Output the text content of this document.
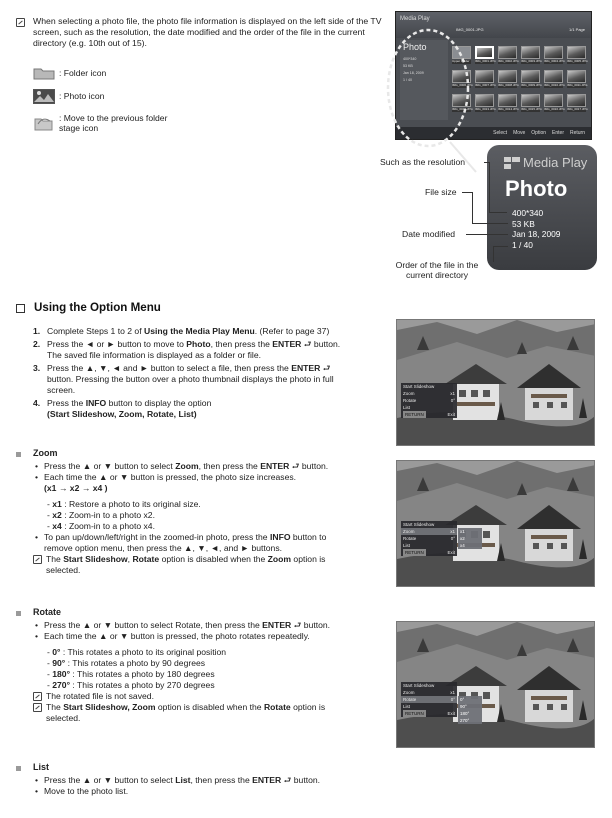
When selecting a photo file, the photo file information is displayed on the left side of the TV screen, such as the resolution, the date modified and the order of the file in the current directory (e.g. 10th out of 15).
: Folder icon
: Photo icon
: Move to the previous folder stage icon
Media Play
IMG_0001.JPG	1/1 Page
Photo
400*340
53 KB
Jan 18, 2009
1 / 40
Upper Folder	IMG_0001.JPG IMG_0002.JPG IMG_0003.JPG IMG_0004.JPG IMG_0005.JPG
IMG_0006.JPG IMG_0007.JPG IMG_0008.JPG IMG_0009.JPG IMG_0010.JPG IMG_0011.JPG
IMG_0012.JPG IMG_0013.JPG IMG_0014.JPG IMG_0015.JPG IMG_0016.JPG IMG_0017.JPG
Select Move Option Enter Return
Media Play
Photo
400*340
53 KB
Jan 18, 2009
1 / 40
Such as the resolution
File size
Date modified
Order of the file in the
current directory
Using the Option Menu
1. Complete Steps 1 to 2 of Using the Media Play Menu. (Refer to page 37)
2. Press the ◄ or ► button to move to Photo, then press the ENTER ⮐ button.
The saved file information is displayed as a folder or file.
3. Press the ▲, ▼, ◄ and ► button to select a file, then press the ENTER ⮐
button. Pressing the button over a photo thumbnail displays the photo in full
screen.
4. Press the INFO button to display the option
(Start Slideshow, Zoom, Rotate, List)
Zoom
• Press the ▲ or ▼ button to select Zoom, then press the ENTER ⮐ button.
• Each time the ▲ or ▼ button is pressed, the photo size increases.
(x1 → x2 → x4 )
- x1 : Restore a photo to its original size.
- x2 : Zoom-in to a photo x2.
- x4 : Zoom-in to a photo x4.
• To pan up/down/left/right in the zoomed-in photo, press the INFO button to
remove option menu, then press the ▲, ▼, ◄, and ► buttons.
The Start Slideshow, Rotate option is disabled when the Zoom option is
selected.
Rotate
• Press the ▲ or ▼ button to select Rotate, then press the ENTER ⮐ button.
• Each time the ▲ or ▼ button is pressed, the photo rotates repeatedly.
- 0° : This rotates a photo to its original position
- 90° : This rotates a photo by 90 degrees
- 180° : This rotates a photo by 180 degrees
- 270° : This rotates a photo by 270 degrees
The rotated file is not saved.
The Start Slideshow, Zoom option is disabled when the Rotate option is
selected.
List
• Press the ▲ or ▼ button to select List, then press the ENTER ⮐ button.
• Move to the photo list.
Start Slideshow
Zoom	x1
Rotate	0°
List
RETURN	Exit
Start Slideshow
Zoom	x1
Rotate	0°
List
RETURN	Exit
x1
x2
x4
Start Slideshow
Zoom	x1
Rotate	0°
List
RETURN	Exit
0°
90°
180°
270°
